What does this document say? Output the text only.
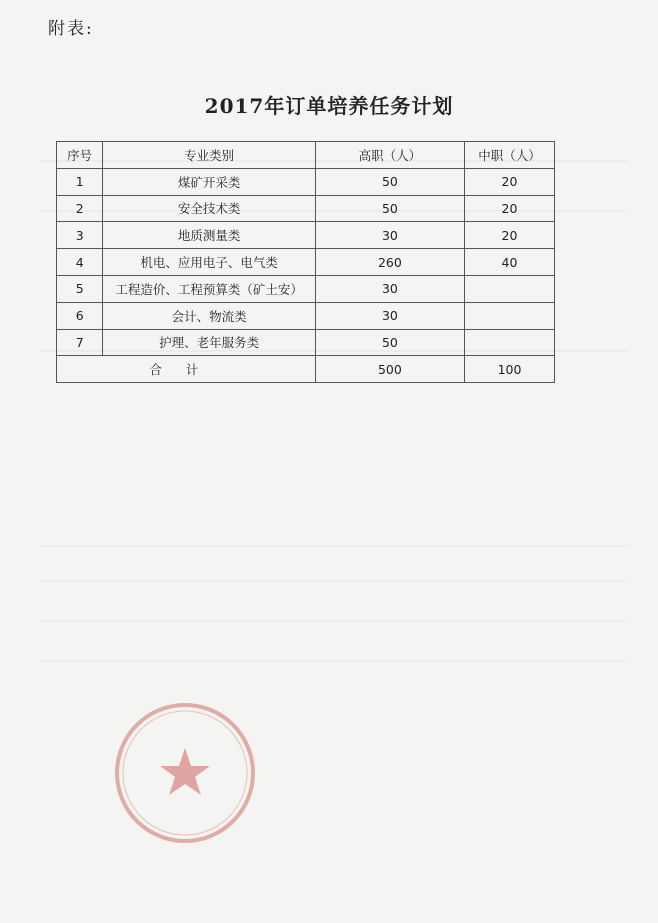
附表:
2017年订单培养任务计划
序号	专业类别	高职（人）	中职（人）
1	煤矿开采类	50	20
2	安全技术类	50	20
3	地质测量类	30	20
4	机电、应用电子、电气类	260	40
5	工程造价、工程预算类（矿土安）	30	
6	会计、物流类	30	
7	护理、老年服务类	50	
合计		500	100
